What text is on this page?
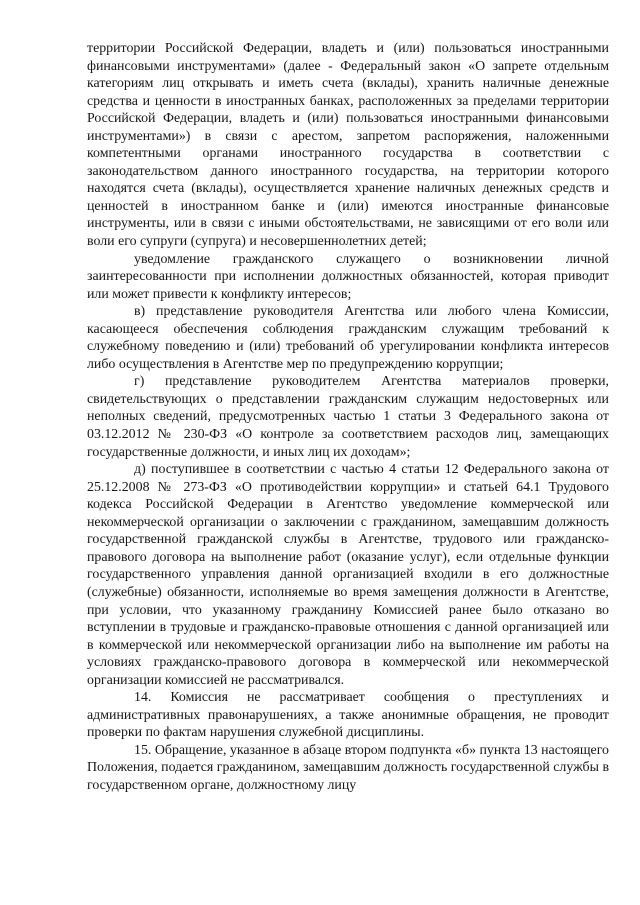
территории Российской Федерации, владеть и (или) пользоваться иностранными финансовыми инструментами» (далее - Федеральный закон «О запрете отдельным категориям лиц открывать и иметь счета (вклады), хранить наличные денежные средства и ценности в иностранных банках, расположенных за пределами территории Российской Федерации, владеть и (или) пользоваться иностранными финансовыми инструментами») в связи с арестом, запретом распоряжения, наложенными компетентными органами иностранного государства в соответствии с законодательством данного иностранного государства, на территории которого находятся счета (вклады), осуществляется хранение наличных денежных средств и ценностей в иностранном банке и (или) имеются иностранные финансовые инструменты, или в связи с иными обстоятельствами, не зависящими от его воли или воли его супруги (супруга) и несовершеннолетних детей;

уведомление гражданского служащего о возникновении личной заинтересованности при исполнении должностных обязанностей, которая приводит или может привести к конфликту интересов;

в) представление руководителя Агентства или любого члена Комиссии, касающееся обеспечения соблюдения гражданским служащим требований к служебному поведению и (или) требований об урегулировании конфликта интересов либо осуществления в Агентстве мер по предупреждению коррупции;

г) представление руководителем Агентства материалов проверки, свидетельствующих о представлении гражданским служащим недостоверных или неполных сведений, предусмотренных частью 1 статьи 3 Федерального закона от 03.12.2012 № 230-ФЗ «О контроле за соответствием расходов лиц, замещающих государственные должности, и иных лиц их доходам»;

д) поступившее в соответствии с частью 4 статьи 12 Федерального закона от 25.12.2008 № 273-ФЗ «О противодействии коррупции» и статьей 64.1 Трудового кодекса Российской Федерации в Агентство уведомление коммерческой или некоммерческой организации о заключении с гражданином, замещавшим должность государственной гражданской службы в Агентстве, трудового или гражданско-правового договора на выполнение работ (оказание услуг), если отдельные функции государственного управления данной организацией входили в его должностные (служебные) обязанности, исполняемые во время замещения должности в Агентстве, при условии, что указанному гражданину Комиссией ранее было отказано во вступлении в трудовые и гражданско-правовые отношения с данной организацией или в коммерческой или некоммерческой организации либо на выполнение им работы на условиях гражданско-правового договора в коммерческой или некоммерческой организации комиссией не рассматривался.

14. Комиссия не рассматривает сообщения о преступлениях и административных правонарушениях, а также анонимные обращения, не проводит проверки по фактам нарушения служебной дисциплины.

15. Обращение, указанное в абзаце втором подпункта «б» пункта 13 настоящего Положения, подается гражданином, замещавшим должность государственной службы в государственном органе, должностному лицу
